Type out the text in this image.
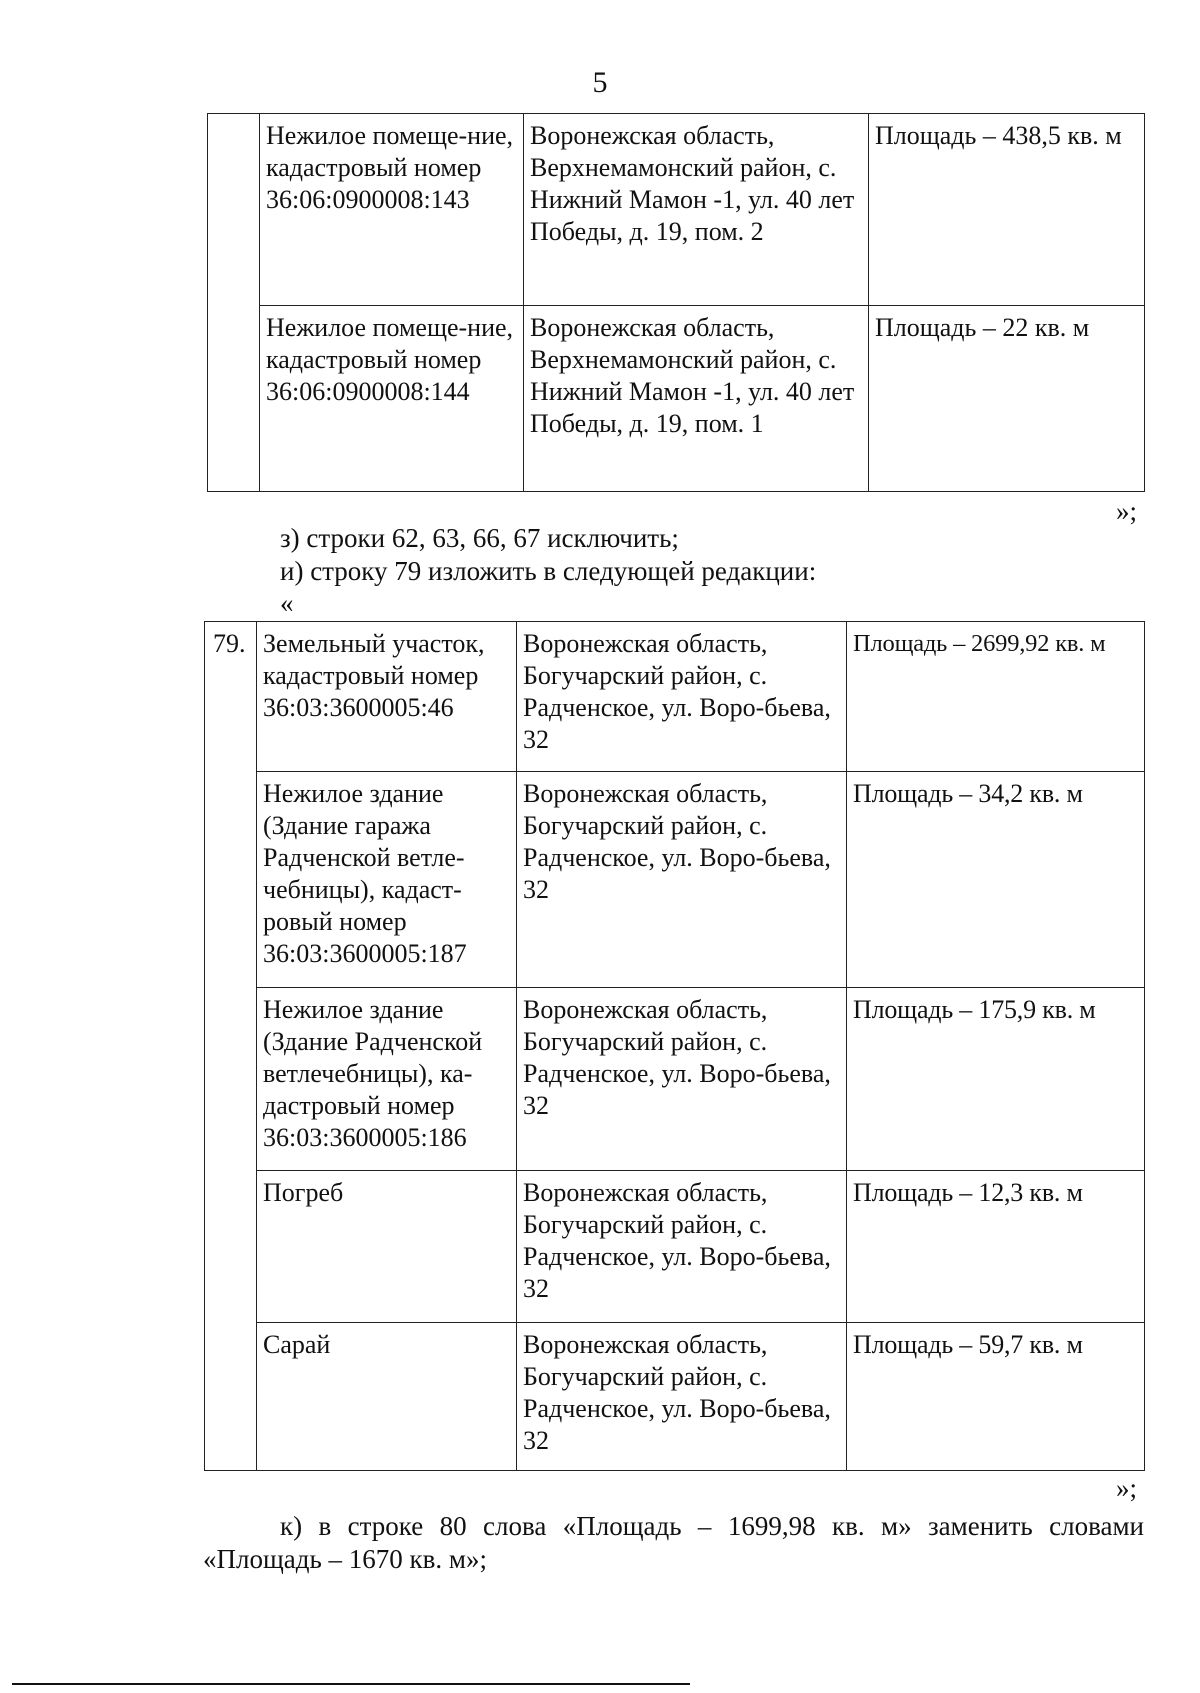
5
	Нежилое помеще-ние, кадастровый номер 36:06:0900008:143	Воронежская область, Верхнемамонский район, с. Нижний Мамон -1, ул. 40 лет Победы, д. 19, пом. 2	Площадь – 438,5 кв. м
	Нежилое помеще-ние, кадастровый номер 36:06:0900008:144	Воронежская область, Верхнемамонский район, с. Нижний Мамон -1, ул. 40 лет Победы, д. 19, пом. 1	Площадь – 22 кв. м
»;

з) строки 62, 63, 66, 67 исключить;

и) строку 79 изложить в следующей редакции:

«

79.	Земельный участок, кадастровый номер 36:03:3600005:46	Воронежская область, Богучарский район, с. Радченское, ул. Воро-бьева, 32	Площадь – 2699,92 кв. м
	Нежилое здание (Здание гаража Радченской ветле-чебницы), кадаст-ровый номер 36:03:3600005:187	Воронежская область, Богучарский район, с. Радченское, ул. Воро-бьева, 32	Площадь – 34,2 кв. м
	Нежилое здание (Здание Радченской ветлечебницы), ка-дастровый номер 36:03:3600005:186	Воронежская область, Богучарский район, с. Радченское, ул. Воро-бьева, 32	Площадь – 175,9 кв. м
	Погреб	Воронежская область, Богучарский район, с. Радченское, ул. Воро-бьева, 32	Площадь – 12,3 кв. м
	Сарай	Воронежская область, Богучарский район, с. Радченское, ул. Воро-бьева, 32	Площадь – 59,7 кв. м
»;

к) в строке 80 слова «Площадь – 1699,98 кв. м» заменить словами

«Площадь – 1670 кв. м»;
